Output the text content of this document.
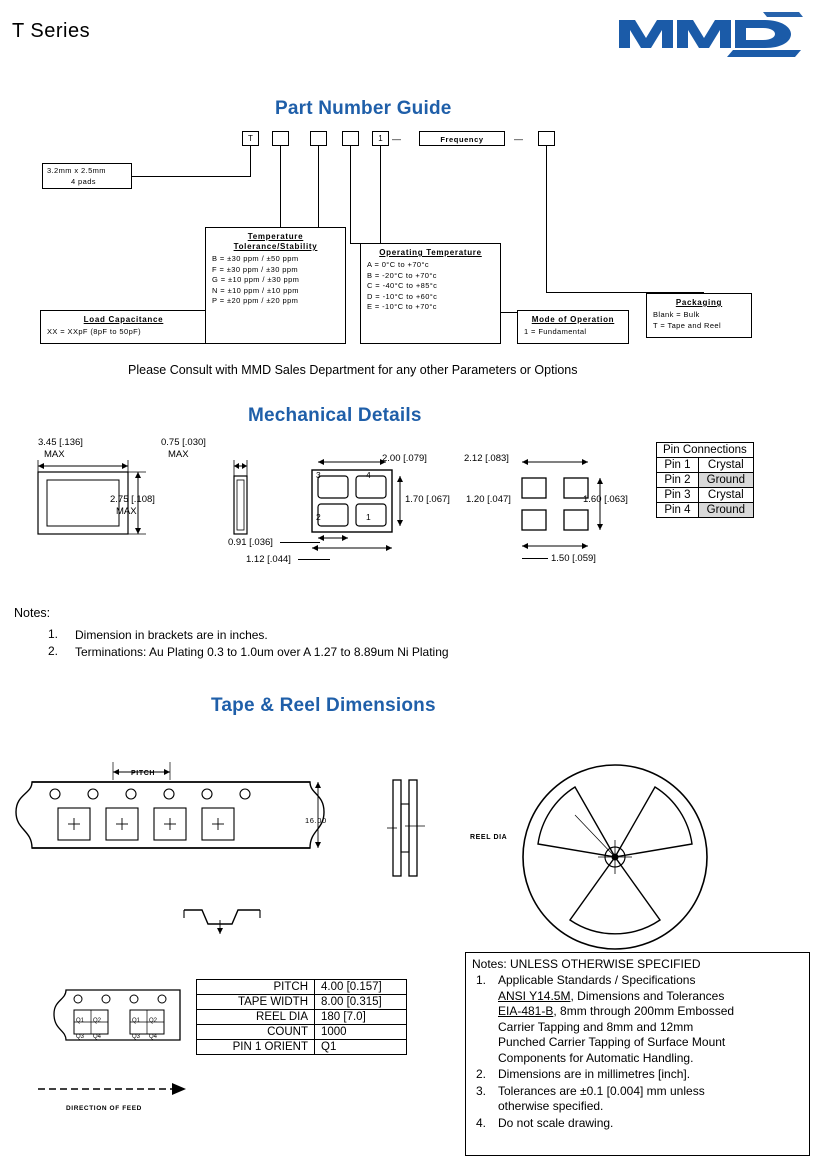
T Series
Part Number Guide
T	1	—	Frequency	—
3.2mm x 2.5mm
4 pads
Load Capacitance
XX = XXpF (8pF to 50pF)
Temperature
Tolerance/Stability
B = ±30 ppm / ±50 ppm
F = ±30 ppm / ±30 ppm
G = ±10 ppm / ±30 ppm
N = ±10 ppm / ±10 ppm
P = ±20 ppm / ±20 ppm
Operating Temperature
A = 0°C to +70°c
B = -20°C to +70°c
C = -40°C to +85°c
D = -10°C to +60°c
E = -10°C to +70°c
Mode of Operation
1 = Fundamental
Packaging
Blank = Bulk
T = Tape and Reel
Please Consult with MMD Sales Department for any other Parameters or Options
Mechanical Details
3.45 [.136]
MAX
2.75 [.108]
MAX
0.75 [.030]
MAX
3	4
2	1
2.00 [.079]
1.70 [.067]
0.91 [.036]
1.12 [.044]
2.12 [.083]
1.20 [.047]	1.60 [.063]
1.50 [.059]
Pin Connections	
Pin 1	Crystal
Pin 2	Ground
Pin 3	Crystal
Pin 4	Ground
Notes:
1. Dimension in brackets are in inches.
2. Terminations: Au Plating 0.3 to 1.0um over A 1.27 to 8.89um Ni Plating
Tape & Reel Dimensions
PITCH
16.00
REEL DIA
Q1 Q2
Q3 Q4
Q1 Q2
Q3 Q4
DIRECTION OF FEED
PITCH	4.00 [0.157]
TAPE WIDTH	8.00 [0.315]
REEL DIA	180 [7.0]
COUNT	1000
PIN 1 ORIENT	Q1
Notes: UNLESS OTHERWISE SPECIFIED
1. Applicable Standards / Specifications
ANSI Y14.5M, Dimensions and Tolerances
EIA-481-B, 8mm through 200mm Embossed
Carrier Tapping and 8mm and 12mm
Punched Carrier Tapping of Surface Mount
Components for Automatic Handling.
2. Dimensions are in millimetres [inch].
3. Tolerances are ±0.1 [0.004] mm unless
otherwise specified.
4. Do not scale drawing.
